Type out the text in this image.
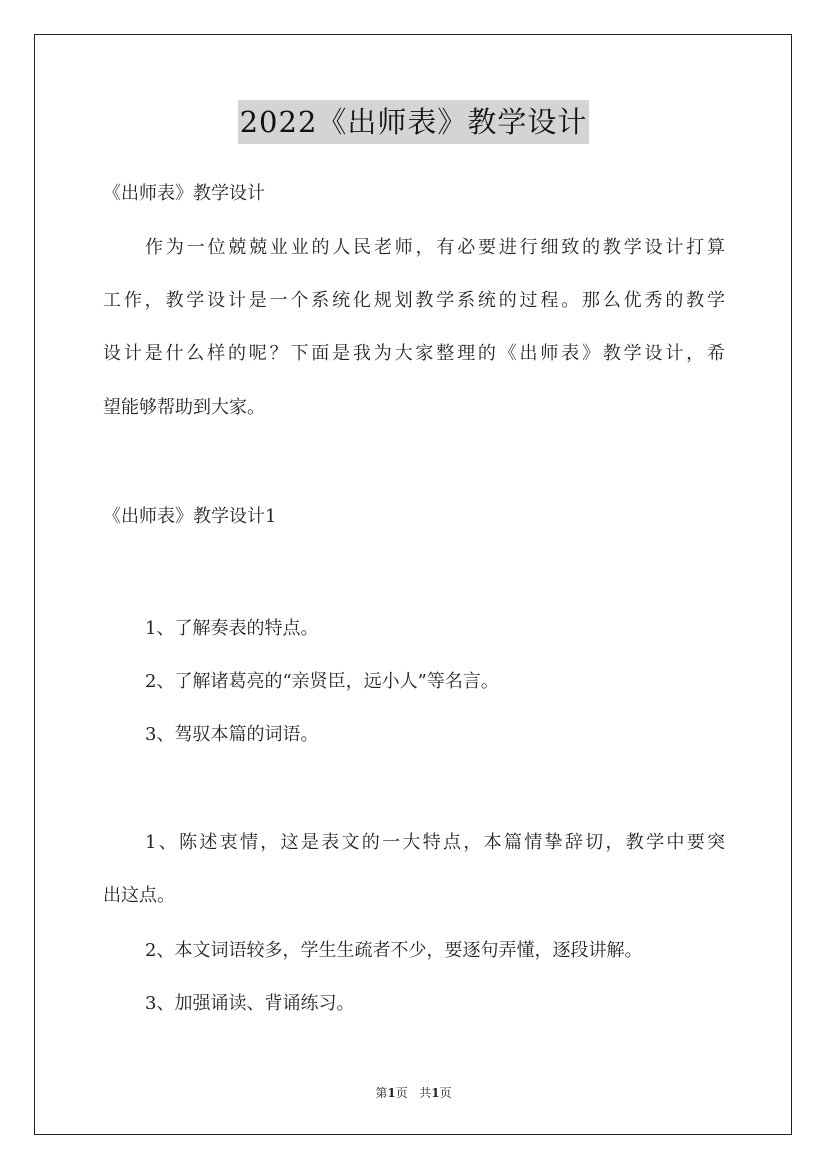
2022《出师表》教学设计
《出师表》教学设计
作为一位兢兢业业的人民老师，有必要进行细致的教学设计打算
工作，教学设计是一个系统化规划教学系统的过程。那么优秀的教学
设计是什么样的呢？下面是我为大家整理的《出师表》教学设计，希
望能够帮助到大家。
《出师表》教学设计1
1、了解奏表的特点。
2、了解诸葛亮的“亲贤臣，远小人”等名言。
3、驾驭本篇的词语。
1、陈述衷情，这是表文的一大特点，本篇情挚辞切，教学中要突
出这点。
2、本文词语较多，学生生疏者不少，要逐句弄懂，逐段讲解。
3、加强诵读、背诵练习。
第1页 共1页
